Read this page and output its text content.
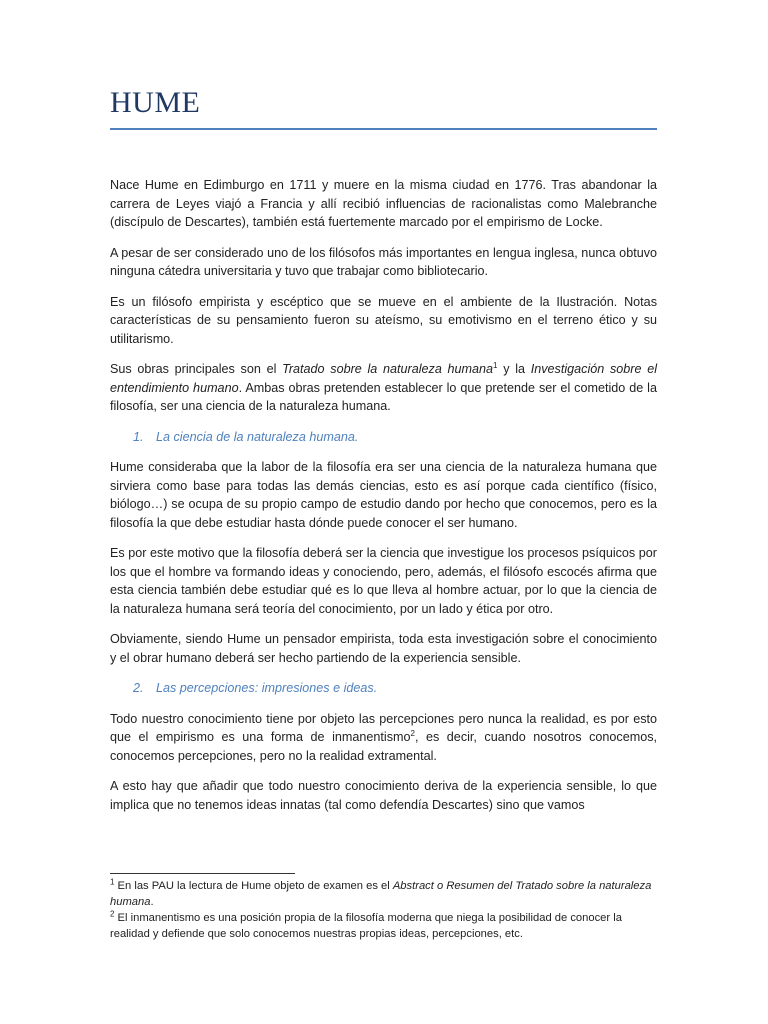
HUME

Nace Hume en Edimburgo en 1711 y muere en la misma ciudad en 1776. Tras abandonar la carrera de Leyes viajó a Francia y allí recibió influencias de racionalistas como Malebranche (discípulo de Descartes), también está fuertemente marcado por el empirismo de Locke.

A pesar de ser considerado uno de los filósofos más importantes en lengua inglesa, nunca obtuvo ninguna cátedra universitaria y tuvo que trabajar como bibliotecario.

Es un filósofo empirista y escéptico que se mueve en el ambiente de la Ilustración. Notas características de su pensamiento fueron su ateísmo, su emotivismo en el terreno ético y su utilitarismo.

Sus obras principales son el Tratado sobre la naturaleza humana$^1$ y la Investigación sobre el entendimiento humano. Ambas obras pretenden establecer lo que pretende ser el cometido de la filosofía, ser una ciencia de la naturaleza humana.

1. La ciencia de la naturaleza humana.

Hume consideraba que la labor de la filosofía era ser una ciencia de la naturaleza humana que sirviera como base para todas las demás ciencias, esto es así porque cada científico (físico, biólogo…) se ocupa de su propio campo de estudio dando por hecho que conocemos, pero es la filosofía la que debe estudiar hasta dónde puede conocer el ser humano.

Es por este motivo que la filosofía deberá ser la ciencia que investigue los procesos psíquicos por los que el hombre va formando ideas y conociendo, pero, además, el filósofo escocés afirma que esta ciencia también debe estudiar qué es lo que lleva al hombre actuar, por lo que la ciencia de la naturaleza humana será teoría del conocimiento, por un lado y ética por otro.

Obviamente, siendo Hume un pensador empirista, toda esta investigación sobre el conocimiento y el obrar humano deberá ser hecho partiendo de la experiencia sensible.

2. Las percepciones: impresiones e ideas.

Todo nuestro conocimiento tiene por objeto las percepciones pero nunca la realidad, es por esto que el empirismo es una forma de inmanentismo$^2$, es decir, cuando nosotros conocemos, conocemos percepciones, pero no la realidad extramental.

A esto hay que añadir que todo nuestro conocimiento deriva de la experiencia sensible, lo que implica que no tenemos ideas innatas (tal como defendía Descartes) sino que vamos

$^1$ En las PAU la lectura de Hume objeto de examen es el Abstract o Resumen del Tratado sobre la naturaleza humana.

$^2$ El inmanentismo es una posición propia de la filosofía moderna que niega la posibilidad de conocer la realidad y defiende que solo conocemos nuestras propias ideas, percepciones, etc.
